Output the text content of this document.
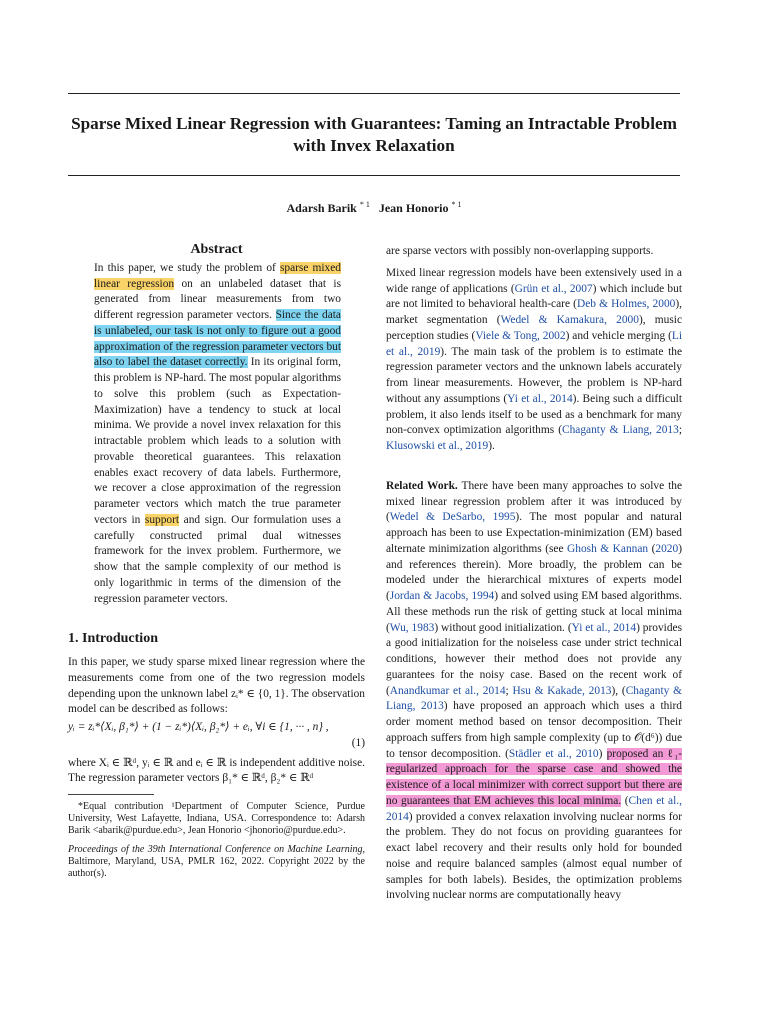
Sparse Mixed Linear Regression with Guarantees: Taming an Intractable Problem with Invex Relaxation
Adarsh Barik $^{* 1}$ Jean Honorio $^{* 1}$
Abstract

In this paper, we study the problem of sparse mixed linear regression on an unlabeled dataset that is generated from linear measurements from two different regression parameter vectors. Since the data is unlabeled, our task is not only to figure out a good approximation of the regression parameter vectors but also to label the dataset correctly. In its original form, this problem is NP-hard. The most popular algorithms to solve this problem (such as Expectation-Maximization) have a tendency to stuck at local minima. We provide a novel invex relaxation for this intractable problem which leads to a solution with provable theoretical guarantees. This relaxation enables exact recovery of data labels. Furthermore, we recover a close approximation of the regression parameter vectors which match the true parameter vectors in support and sign. Our formulation uses a carefully constructed primal dual witnesses framework for the invex problem. Furthermore, we show that the sample complexity of our method is only logarithmic in terms of the dimension of the regression parameter vectors.

1. Introduction

In this paper, we study sparse mixed linear regression where the measurements come from one of the two regression models depending upon the unknown label zᵢ* ∈ {0, 1}. The observation model can be described as follows:

yᵢ = zᵢ*⟨Xᵢ, β₁*⟩ + (1 − zᵢ*)⟨Xᵢ, β₂*⟩ + eᵢ, ∀i ∈ {1, ··· , n} ,
(1)

where Xᵢ ∈ ℝᵈ, yᵢ ∈ ℝ and eᵢ ∈ ℝ is independent additive noise. The regression parameter vectors β₁* ∈ ℝᵈ, β₂* ∈ ℝᵈ

*Equal contribution ¹Department of Computer Science, Purdue University, West Lafayette, Indiana, USA. Correspondence to: Adarsh Barik <abarik@purdue.edu>, Jean Honorio <jhonorio@purdue.edu>.

Proceedings of the 39th International Conference on Machine Learning, Baltimore, Maryland, USA, PMLR 162, 2022. Copyright 2022 by the author(s).

are sparse vectors with possibly non-overlapping supports.

Mixed linear regression models have been extensively used in a wide range of applications (Grün et al., 2007) which include but are not limited to behavioral health-care (Deb & Holmes, 2000), market segmentation (Wedel & Kamakura, 2000), music perception studies (Viele & Tong, 2002) and vehicle merging (Li et al., 2019). The main task of the problem is to estimate the regression parameter vectors and the unknown labels accurately from linear measurements. However, the problem is NP-hard without any assumptions (Yi et al., 2014). Being such a difficult problem, it also lends itself to be used as a benchmark for many non-convex optimization algorithms (Chaganty & Liang, 2013; Klusowski et al., 2019).

Related Work. There have been many approaches to solve the mixed linear regression problem after it was introduced by (Wedel & DeSarbo, 1995). The most popular and natural approach has been to use Expectation-minimization (EM) based alternate minimization algorithms (see Ghosh & Kannan (2020) and references therein). More broadly, the problem can be modeled under the hierarchical mixtures of experts model (Jordan & Jacobs, 1994) and solved using EM based algorithms. All these methods run the risk of getting stuck at local minima (Wu, 1983) without good initialization. (Yi et al., 2014) provides a good initialization for the noiseless case under strict technical conditions, however their method does not provide any guarantees for the noisy case. Based on the recent work of (Anandkumar et al., 2014; Hsu & Kakade, 2013), (Chaganty & Liang, 2013) have proposed an approach which uses a third order moment method based on tensor decomposition. Their approach suffers from high sample complexity (up to 𝒪(d⁶)) due to tensor decomposition. (Städler et al., 2010) proposed an ℓ₁-regularized approach for the sparse case and showed the existence of a local minimizer with correct support but there are no guarantees that EM achieves this local minima. (Chen et al., 2014) provided a convex relaxation involving nuclear norms for the problem. They do not focus on providing guarantees for exact label recovery and their results only hold for bounded noise and require balanced samples (almost equal number of samples for both labels). Besides, the optimization problems involving nuclear norms are computationally heavy
